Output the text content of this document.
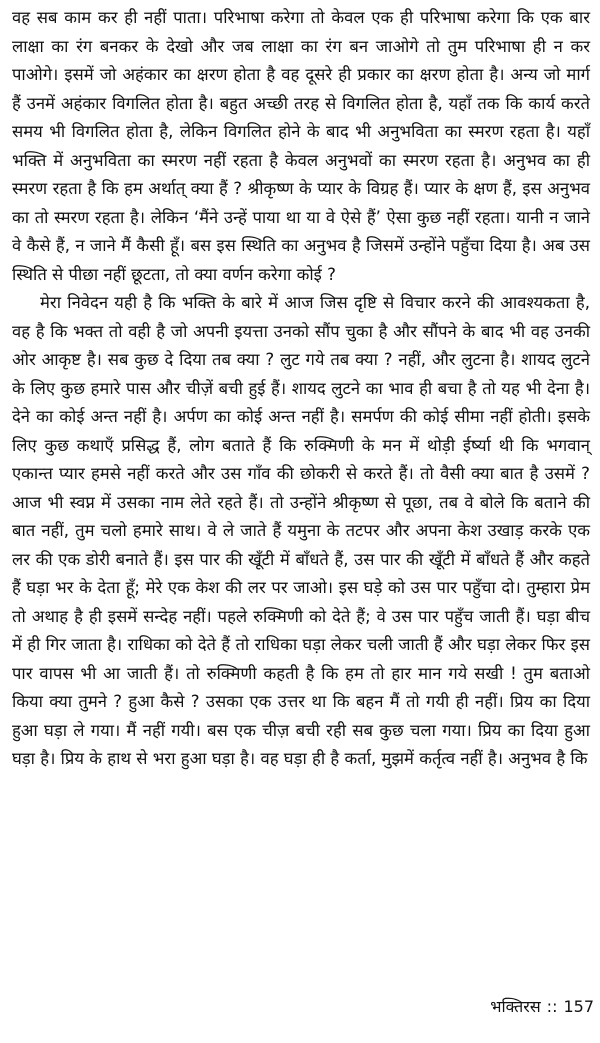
वह सब काम कर ही नहीं पाता। परिभाषा करेगा तो केवल एक ही परिभाषा करेगा कि एक बार लाक्षा का रंग बनकर के देखो और जब लाक्षा का रंग बन जाओगे तो तुम परिभाषा ही न कर पाओगे। इसमें जो अहंकार का क्षरण होता है वह दूसरे ही प्रकार का क्षरण होता है। अन्य जो मार्ग हैं उनमें अहंकार विगलित होता है। बहुत अच्छी तरह से विगलित होता है, यहाँ तक कि कार्य करते समय भी विगलित होता है, लेकिन विगलित होने के बाद भी अनुभविता का स्मरण रहता है। यहाँ भक्ति में अनुभविता का स्मरण नहीं रहता है केवल अनुभवों का स्मरण रहता है। अनुभव का ही स्मरण रहता है कि हम अर्थात् क्या हैं ? श्रीकृष्ण के प्यार के विग्रह हैं। प्यार के क्षण हैं, इस अनुभव का तो स्मरण रहता है। लेकिन ‘मैंने उन्हें पाया था या वे ऐसे हैं’ ऐसा कुछ नहीं रहता। यानी न जाने वे कैसे हैं, न जाने मैं कैसी हूँ। बस इस स्थिति का अनुभव है जिसमें उन्होंने पहुँचा दिया है। अब उस स्थिति से पीछा नहीं छूटता, तो क्या वर्णन करेगा कोई ?

मेरा निवेदन यही है कि भक्ति के बारे में आज जिस दृष्टि से विचार करने की आवश्यकता है, वह है कि भक्त तो वही है जो अपनी इयत्ता उनको सौंप चुका है और सौंपने के बाद भी वह उनकी ओर आकृष्ट है। सब कुछ दे दिया तब क्या ? लुट गये तब क्या ? नहीं, और लुटना है। शायद लुटने के लिए कुछ हमारे पास और चीज़ें बची हुई हैं। शायद लुटने का भाव ही बचा है तो यह भी देना है। देने का कोई अन्त नहीं है। अर्पण का कोई अन्त नहीं है। समर्पण की कोई सीमा नहीं होती। इसके लिए कुछ कथाएँ प्रसिद्ध हैं, लोग बताते हैं कि रुक्मिणी के मन में थोड़ी ईर्ष्या थी कि भगवान् एकान्त प्यार हमसे नहीं करते और उस गाँव की छोकरी से करते हैं। तो वैसी क्या बात है उसमें ? आज भी स्वप्न में उसका नाम लेते रहते हैं। तो उन्होंने श्रीकृष्ण से पूछा, तब वे बोले कि बताने की बात नहीं, तुम चलो हमारे साथ। वे ले जाते हैं यमुना के तटपर और अपना केश उखाड़ करके एक लर की एक डोरी बनाते हैं। इस पार की खूँटी में बाँधते हैं, उस पार की खूँटी में बाँधते हैं और कहते हैं घड़ा भर के देता हूँ; मेरे एक केश की लर पर जाओ। इस घड़े को उस पार पहुँचा दो। तुम्हारा प्रेम तो अथाह है ही इसमें सन्देह नहीं। पहले रुक्मिणी को देते हैं; वे उस पार पहुँच जाती हैं। घड़ा बीच में ही गिर जाता है। राधिका को देते हैं तो राधिका घड़ा लेकर चली जाती हैं और घड़ा लेकर फिर इस पार वापस भी आ जाती हैं। तो रुक्मिणी कहती है कि हम तो हार मान गये सखी ! तुम बताओ किया क्या तुमने ? हुआ कैसे ? उसका एक उत्तर था कि बहन मैं तो गयी ही नहीं। प्रिय का दिया हुआ घड़ा ले गया। मैं नहीं गयी। बस एक चीज़ बची रही सब कुछ चला गया। प्रिय का दिया हुआ घड़ा है। प्रिय के हाथ से भरा हुआ घड़ा है। वह घड़ा ही है कर्ता, मुझमें कर्तृत्व नहीं है। अनुभव है कि

भक्तिरस :: 157
